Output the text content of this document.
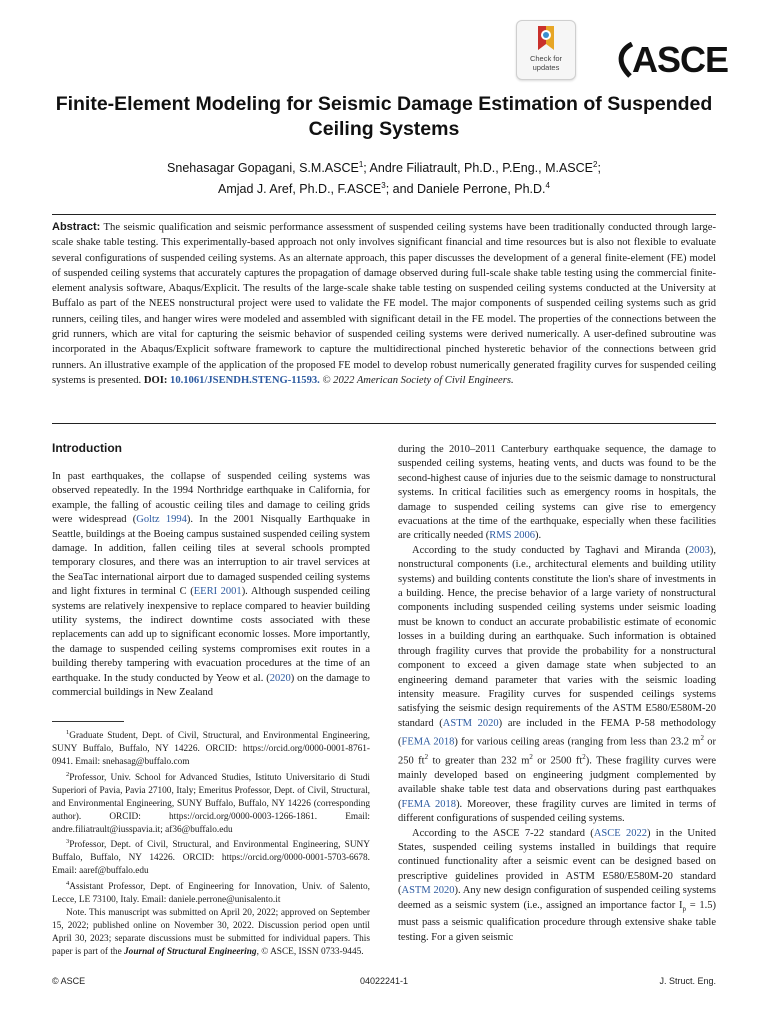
Check for
updates	ASCE
Finite-Element Modeling for Seismic Damage Estimation of Suspended Ceiling Systems
Snehasagar Gopagani, S.M.ASCE$^1$; Andre Filiatrault, Ph.D., P.Eng., M.ASCE$^2$;
Amjad J. Aref, Ph.D., F.ASCE$^3$; and Daniele Perrone, Ph.D.$^4$
Abstract: The seismic qualification and seismic performance assessment of suspended ceiling systems have been traditionally conducted through large-scale shake table testing. This experimentally-based approach not only involves significant financial and time resources but is also not flexible to evaluate several configurations of suspended ceiling systems. As an alternate approach, this paper discusses the development of a general finite-element (FE) model of suspended ceiling systems that accurately captures the propagation of damage observed during full-scale shake table testing using the commercial finite-element analysis software, Abaqus/Explicit. The results of the large-scale shake table testing on suspended ceiling systems conducted at the University at Buffalo as part of the NEES nonstructural project were used to validate the FE model. The major components of suspended ceiling systems such as grid runners, ceiling tiles, and hanger wires were modeled and assembled with significant detail in the FE model. The properties of the connections between the grid runners, which are vital for capturing the seismic behavior of suspended ceiling systems were derived numerically. A user-defined subroutine was incorporated in the Abaqus/Explicit software framework to capture the multidirectional pinched hysteretic behavior of the connections between grid runners. An illustrative example of the application of the proposed FE model to develop robust numerically generated fragility curves for suspended ceiling systems is presented. DOI: 10.1061/JSENDH.STENG-11593. © 2022 American Society of Civil Engineers.
Introduction

In past earthquakes, the collapse of suspended ceiling systems was observed repeatedly. In the 1994 Northridge earthquake in California, for example, the falling of acoustic ceiling tiles and damage to ceiling grids were widespread (Goltz 1994). In the 2001 Nisqually Earthquake in Seattle, buildings at the Boeing campus sustained suspended ceiling system damage. In addition, fallen ceiling tiles at several schools prompted temporary closures, and there was an interruption to air travel services at the SeaTac international airport due to damaged suspended ceiling systems and light fixtures in terminal C (EERI 2001). Although suspended ceiling systems are relatively inexpensive to replace compared to heavier building utility systems, the indirect downtime costs associated with these replacements can add up to significant economic losses. More importantly, the damage to suspended ceiling systems compromises exit routes in a building thereby tampering with evacuation procedures at the time of an earthquake. In the study conducted by Yeow et al. (2020) on the damage to commercial buildings in New Zealand

$^1$Graduate Student, Dept. of Civil, Structural, and Environmental Engineering, SUNY Buffalo, Buffalo, NY 14226. ORCID: https://orcid.org/0000-0001-8761-0941. Email: snehasag@buffalo.com

$^2$Professor, Univ. School for Advanced Studies, Istituto Universitario di Studi Superiori of Pavia, Pavia 27100, Italy; Emeritus Professor, Dept. of Civil, Structural, and Environmental Engineering, SUNY Buffalo, Buffalo, NY 14226 (corresponding author). ORCID: https://orcid.org/0000-0003-1266-1861. Email: andre.filiatrault@iusspavia.it; af36@buffalo.edu

$^3$Professor, Dept. of Civil, Structural, and Environmental Engineering, SUNY Buffalo, Buffalo, NY 14226. ORCID: https://orcid.org/0000-0001-5703-6678. Email: aaref@buffalo.edu

$^4$Assistant Professor, Dept. of Engineering for Innovation, Univ. of Salento, Lecce, LE 73100, Italy. Email: daniele.perrone@unisalento.it

Note. This manuscript was submitted on April 20, 2022; approved on September 15, 2022; published online on November 30, 2022. Discussion period open until April 30, 2023; separate discussions must be submitted for individual papers. This paper is part of the Journal of Structural Engineering, © ASCE, ISSN 0733-9445.

during the 2010–2011 Canterbury earthquake sequence, the damage to suspended ceiling systems, heating vents, and ducts was found to be the second-highest cause of injuries due to the seismic damage to nonstructural systems. In critical facilities such as emergency rooms in hospitals, the damage to suspended ceiling systems can give rise to emergency evacuations at the time of the earthquake, especially when these facilities are critically needed (RMS 2006).

According to the study conducted by Taghavi and Miranda (2003), nonstructural components (i.e., architectural elements and building utility systems) and building contents constitute the lion's share of investments in a building. Hence, the precise behavior of a large variety of nonstructural components including suspended ceiling systems under seismic loading must be known to conduct an accurate probabilistic estimate of economic losses in a building during an earthquake. Such information is obtained through fragility curves that provide the probability for a nonstructural component to exceed a given damage state when subjected to an engineering demand parameter that varies with the seismic loading intensity measure. Fragility curves for suspended ceilings systems satisfying the seismic design requirements of the ASTM E580/E580M-20 standard (ASTM 2020) are included in the FEMA P-58 methodology (FEMA 2018) for various ceiling areas (ranging from less than 23.2 $m^2$ or 250 $ft^2$ to greater than 232 $m^2$ or 2500 $ft^2$). These fragility curves were mainly developed based on engineering judgment complemented by available shake table test data and observations during past earthquakes (FEMA 2018). Moreover, these fragility curves are limited in terms of different configurations of suspended ceiling systems.

According to the ASCE 7-22 standard (ASCE 2022) in the United States, suspended ceiling systems installed in buildings that require continued functionality after a seismic event can be designed based on prescriptive guidelines provided in ASTM E580/E580M-20 standard (ASTM 2020). Any new design configuration of suspended ceiling systems deemed as a seismic system (i.e., assigned an importance factor $I_p = 1.5$) must pass a seismic qualification procedure through extensive shake table testing. For a given seismic

© ASCE	04022241-1	J. Struct. Eng.
